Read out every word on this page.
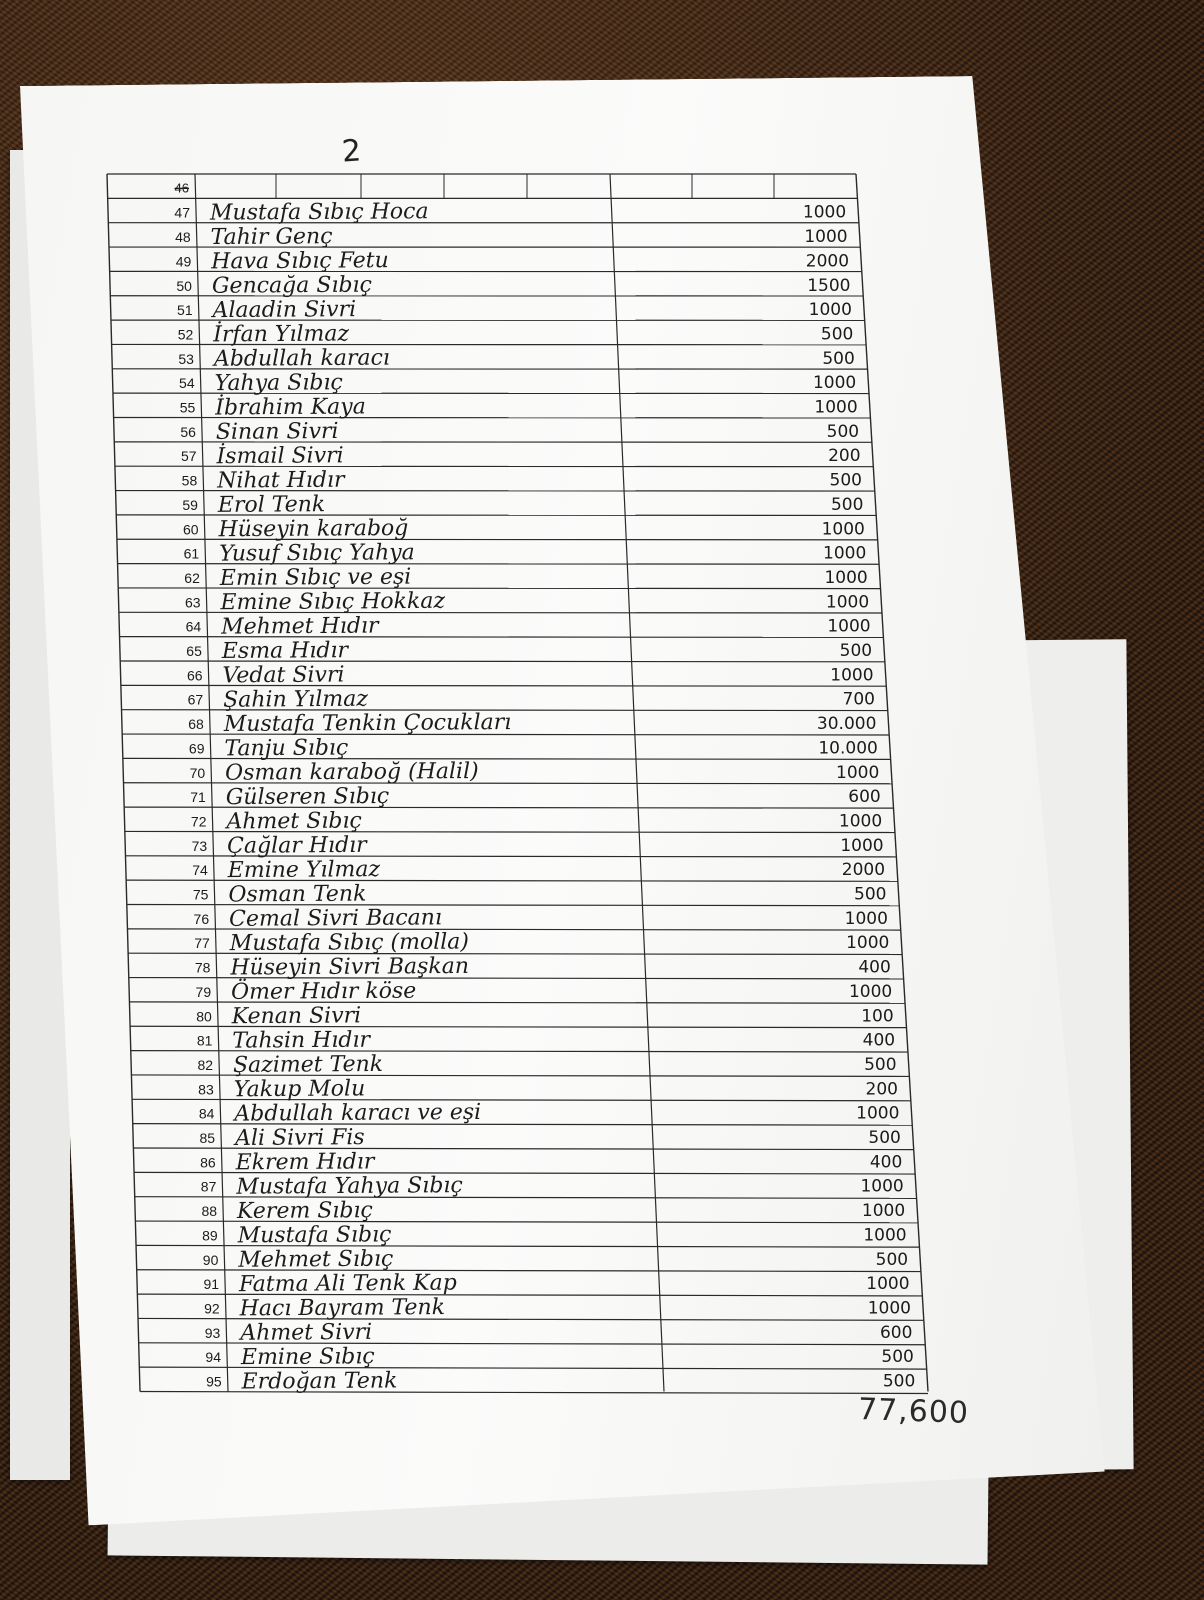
2
46
47 Mustafa Sıbıç Hoca	1000
48 Tahir Genç	1000
49 Hava Sıbıç Fetu	2000
50 Gencağa Sıbıç	1500
51 Alaadin Sivri	1000
52 İrfan Yılmaz	500
53 Abdullah karacı	500
54 Yahya Sıbıç	1000
55 İbrahim Kaya	1000
56 Sinan Sivri	500
57 İsmail Sivri	200
58 Nihat Hıdır	500
59 Erol Tenk	500
60 Hüseyin karaboğ	1000
61 Yusuf Sıbıç Yahya	1000
62 Emin Sıbıç ve eşi	1000
63 Emine Sıbıç Hokkaz	1000
64 Mehmet Hıdır	1000
65 Esma Hıdır	500
66 Vedat Sivri	1000
67 Şahin Yılmaz	700
68 Mustafa Tenkin Çocukları	30.000
69 Tanju Sıbıç	10.000
70 Osman karaboğ (Halil)	1000
71 Gülseren Sıbıç	600
72 Ahmet Sıbıç	1000
73 Çağlar Hıdır	1000
74 Emine Yılmaz	2000
75 Osman Tenk	500
76 Cemal Sivri Bacanı	1000
77 Mustafa Sıbıç (molla)	1000
78 Hüseyin Sivri Başkan	400
79 Ömer Hıdır köse	1000
80 Kenan Sivri	100
81 Tahsin Hıdır	400
82 Şazimet Tenk	500
83 Yakup Molu	200
84 Abdullah karacı ve eşi	1000
85 Ali Sivri Fis	500
86 Ekrem Hıdır	400
87 Mustafa Yahya Sıbıç	1000
88 Kerem Sıbıç	1000
89 Mustafa Sıbıç	1000
90 Mehmet Sıbıç	500
91 Fatma Ali Tenk Kap	1000
92 Hacı Bayram Tenk	1000
93 Ahmet Sivri	600
94 Emine Sıbıç	500
95 Erdoğan Tenk	500
77,600
